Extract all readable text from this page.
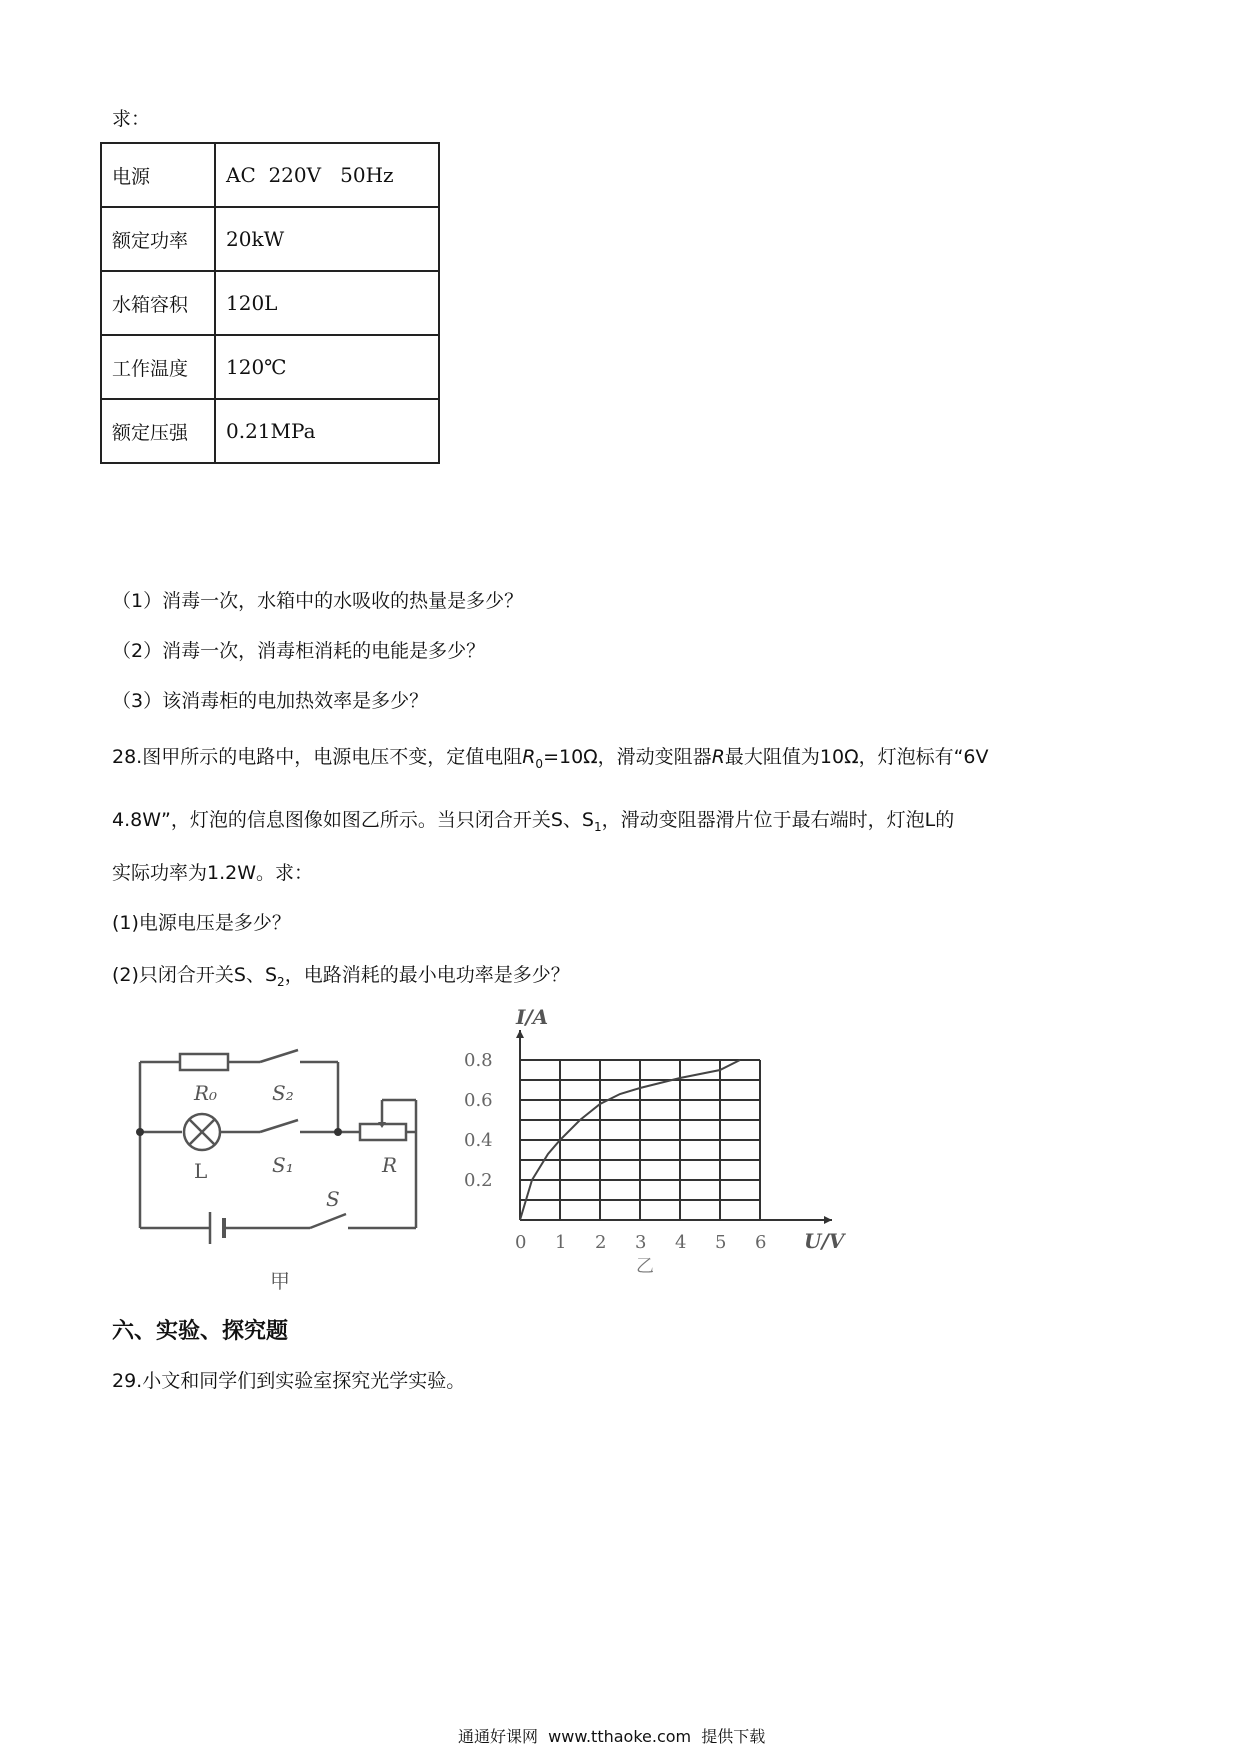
求：
电源	AC  220V   50Hz
额定功率	20kW
水箱容积	120L
工作温度	120℃
额定压强	0.21MPa
（1）消毒一次，水箱中的水吸收的热量是多少？
（2）消毒一次，消毒柜消耗的电能是多少？
（3）该消毒柜的电加热效率是多少？
28.图甲所示的电路中，电源电压不变，定值电阻$R_0=10\Omega$，滑动变阻器R最大阻值为10Ω，灯泡标有“6V
4.8W”，灯泡的信息图像如图乙所示。当只闭合开关S、$S_1$，滑动变阻器滑片位于最右端时，灯泡L的
实际功率为1.2W。求：
(1)电源电压是多少？
(2)只闭合开关S、$S_2$，电路消耗的最小电功率是多少？
R₀	S₂
L	S₁	R
S
甲
0 1 2 3 4 5 6
0.2
0.4
0.6
0.8
I/A
U/V
乙
六、实验、探究题
29.小文和同学们到实验室探究光学实验。
通通好课网  www.tthaoke.com  提供下载
